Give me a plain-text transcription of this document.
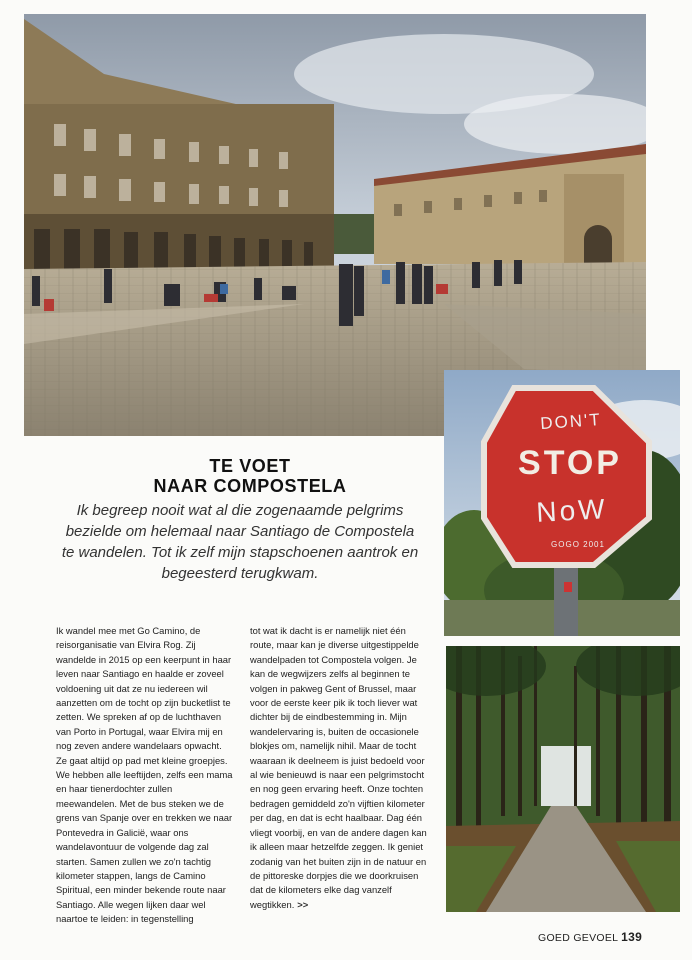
DON'T
STOP
NoW
GOGO 2001
TE VOET
NAAR COMPOSTELA
Ik begreep nooit wat al die zogenaamde pelgrims bezielde om helemaal naar Santiago de Compostela te wandelen. Tot ik zelf mijn stapschoenen aantrok en begeesterd terugkwam.
Ik wandel mee met Go Camino, de reisorganisatie van Elvira Rog. Zij wandelde in 2015 op een keerpunt in haar leven naar Santiago en haalde er zoveel voldoening uit dat ze nu iedereen wil aanzetten om de tocht op zijn bucketlist te zetten. We spreken af op de luchthaven van Porto in Portugal, waar Elvira mij en nog zeven andere wandelaars opwacht. Ze gaat altijd op pad met kleine groepjes. We hebben alle leeftijden, zelfs een mama en haar tienerdochter zullen meewandelen. Met de bus steken we de grens van Spanje over en trekken we naar Pontevedra in Galicië, waar ons wandelavontuur de volgende dag zal starten. Samen zullen we zo'n tachtig kilometer stappen, langs de Camino Spiritual, een minder bekende route naar Santiago. Alle wegen lijken daar wel naartoe te leiden: in tegenstelling
tot wat ik dacht is er namelijk niet één route, maar kan je diverse uitgestippelde wandelpaden tot Compostela volgen. Je kan de wegwijzers zelfs al beginnen te volgen in pakweg Gent of Brussel, maar voor de eerste keer pik ik toch liever wat dichter bij de eindbestemming in. Mijn wandelervaring is, buiten de occasionele blokjes om, namelijk nihil. Maar de tocht waaraan ik deelneem is juist bedoeld voor al wie benieuwd is naar een pelgrimstocht en nog geen ervaring heeft. Onze tochten bedragen gemiddeld zo'n vijftien kilometer per dag, en dat is echt haalbaar. Dag één vliegt voorbij, en van de andere dagen kan ik alleen maar hetzelfde zeggen. Ik geniet zodanig van het buiten zijn in de natuur en de pittoreske dorpjes die we doorkruisen dat de kilometers elke dag vanzelf wegtikken. >>
GOED GEVOEL 139
